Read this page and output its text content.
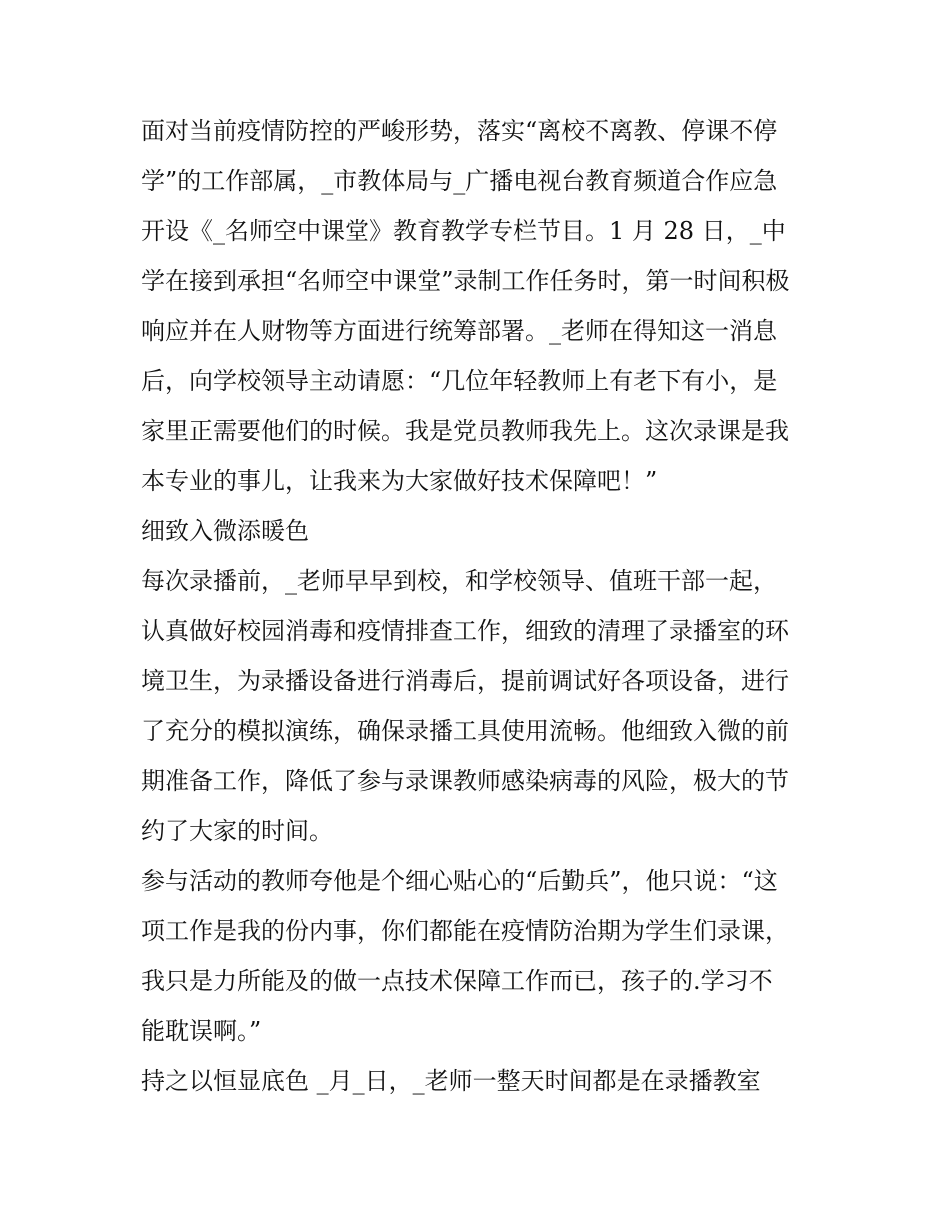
面对当前疫情防控的严峻形势，落实“离校不离教、停课不停
学”的工作部属，_市教体局与_广播电视台教育频道合作应急
开设《_名师空中课堂》教育教学专栏节目。1 月 28 日，_中
学在接到承担“名师空中课堂”录制工作任务时，第一时间积极
响应并在人财物等方面进行统筹部署。_老师在得知这一消息
后，向学校领导主动请愿：“几位年轻教师上有老下有小，是
家里正需要他们的时候。我是党员教师我先上。这次录课是我
本专业的事儿，让我来为大家做好技术保障吧！”
细致入微添暖色
每次录播前，_老师早早到校，和学校领导、值班干部一起，
认真做好校园消毒和疫情排查工作，细致的清理了录播室的环
境卫生，为录播设备进行消毒后，提前调试好各项设备，进行
了充分的模拟演练，确保录播工具使用流畅。他细致入微的前
期准备工作，降低了参与录课教师感染病毒的风险，极大的节
约了大家的时间。
参与活动的教师夸他是个细心贴心的“后勤兵”，他只说：“这
项工作是我的份内事，你们都能在疫情防治期为学生们录课，
我只是力所能及的做一点技术保障工作而已，孩子的.学习不
能耽误啊。”
持之以恒显底色 _月_日，_老师一整天时间都是在录播教室
